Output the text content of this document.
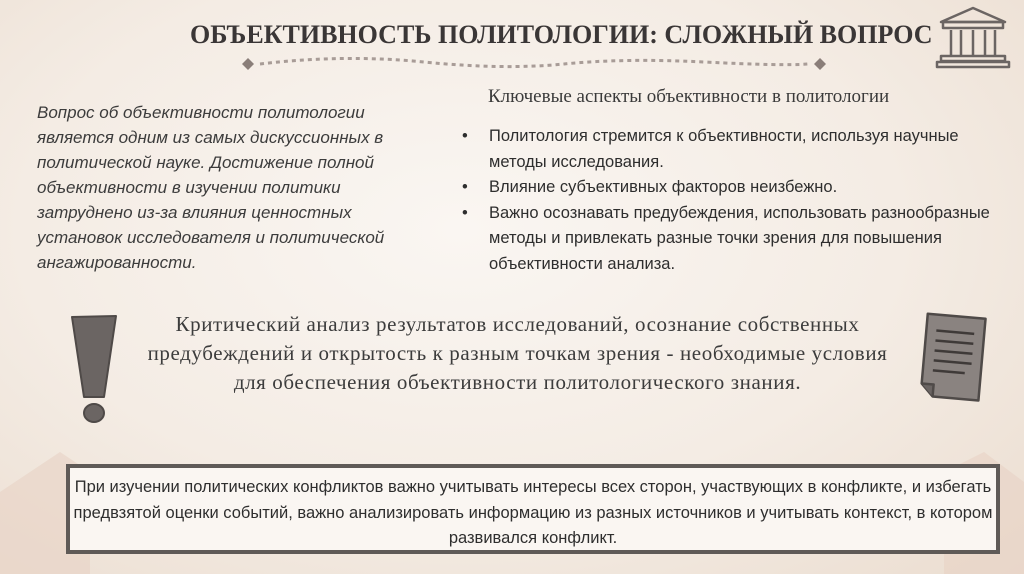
ОБЪЕКТИВНОСТЬ ПОЛИТОЛОГИИ: СЛОЖНЫЙ ВОПРОС
Вопрос об объективности политологии является одним из самых дискуссионных в политической науке. Достижение полной объективности в изучении политики затруднено из-за влияния ценностных установок исследователя и политической ангажированности.
Ключевые аспекты объективности в политологии
• Политология стремится к объективности, используя научные методы исследования.
• Влияние субъективных факторов неизбежно.
• Важно осознавать предубеждения, использовать разнообразные методы и привлекать разные точки зрения для повышения объективности анализа.
Критический анализ результатов исследований, осознание собственных предубеждений и открытость к разным точкам зрения - необходимые условия для обеспечения объективности политологического знания.
При изучении политических конфликтов важно учитывать интересы всех сторон, участвующих в конфликте, и избегать предвзятой оценки событий, важно анализировать информацию из разных источников и учитывать контекст, в котором развивался конфликт.
